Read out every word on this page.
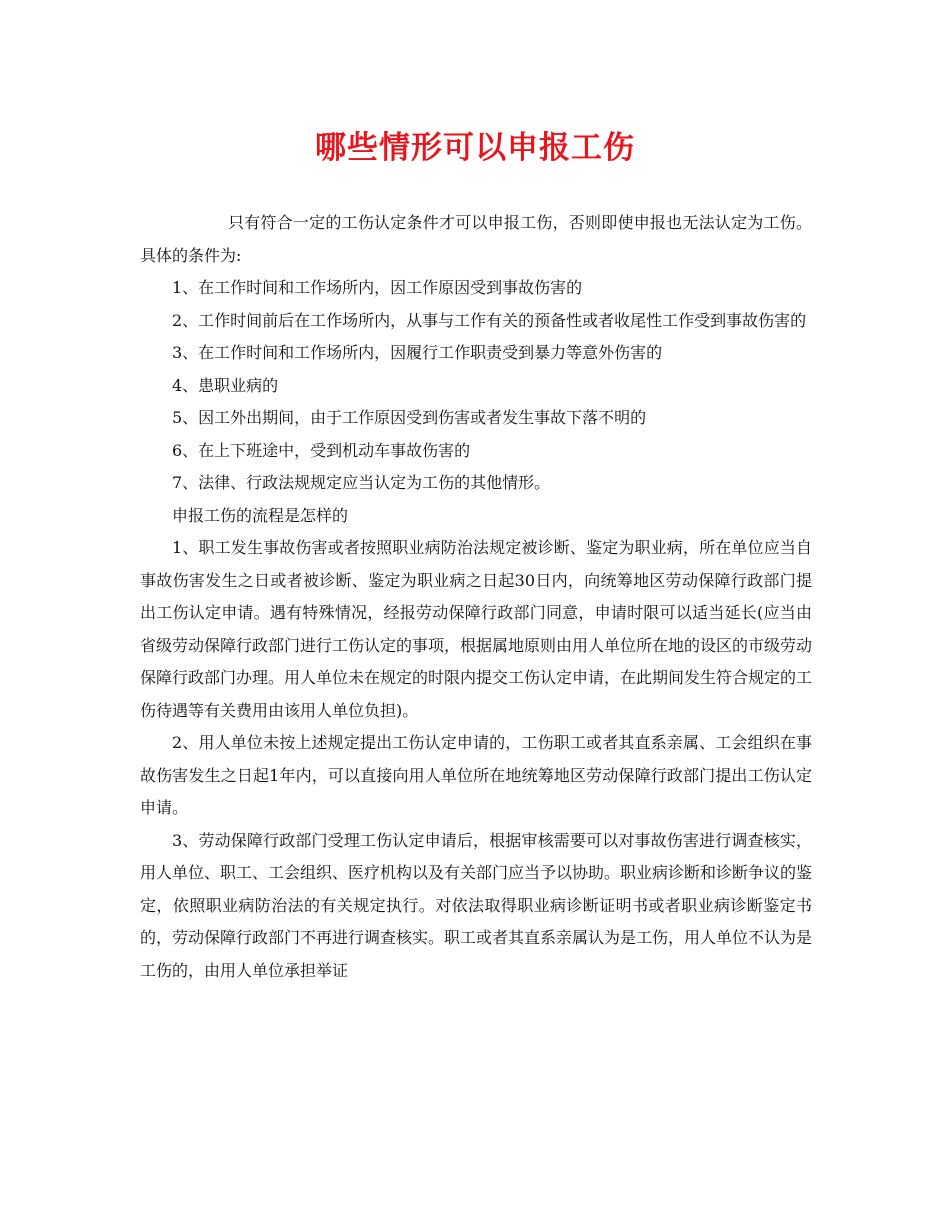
哪些情形可以申报工伤

只有符合一定的工伤认定条件才可以申报工伤，否则即使申报也无法认定为工伤。具体的条件为:

1、在工作时间和工作场所内，因工作原因受到事故伤害的

2、工作时间前后在工作场所内，从事与工作有关的预备性或者收尾性工作受到事故伤害的

3、在工作时间和工作场所内，因履行工作职责受到暴力等意外伤害的

4、患职业病的

5、因工外出期间，由于工作原因受到伤害或者发生事故下落不明的

6、在上下班途中，受到机动车事故伤害的

7、法律、行政法规规定应当认定为工伤的其他情形。

申报工伤的流程是怎样的

1、职工发生事故伤害或者按照职业病防治法规定被诊断、鉴定为职业病，所在单位应当自事故伤害发生之日或者被诊断、鉴定为职业病之日起30日内，向统筹地区劳动保障行政部门提出工伤认定申请。遇有特殊情况，经报劳动保障行政部门同意，申请时限可以适当延长(应当由省级劳动保障行政部门进行工伤认定的事项，根据属地原则由用人单位所在地的设区的市级劳动保障行政部门办理。用人单位未在规定的时限内提交工伤认定申请，在此期间发生符合规定的工伤待遇等有关费用由该用人单位负担)。

2、用人单位未按上述规定提出工伤认定申请的，工伤职工或者其直系亲属、工会组织在事故伤害发生之日起1年内，可以直接向用人单位所在地统筹地区劳动保障行政部门提出工伤认定申请。

3、劳动保障行政部门受理工伤认定申请后，根据审核需要可以对事故伤害进行调查核实，用人单位、职工、工会组织、医疗机构以及有关部门应当予以协助。职业病诊断和诊断争议的鉴定，依照职业病防治法的有关规定执行。对依法取得职业病诊断证明书或者职业病诊断鉴定书的，劳动保障行政部门不再进行调查核实。职工或者其直系亲属认为是工伤，用人单位不认为是工伤的，由用人单位承担举证
